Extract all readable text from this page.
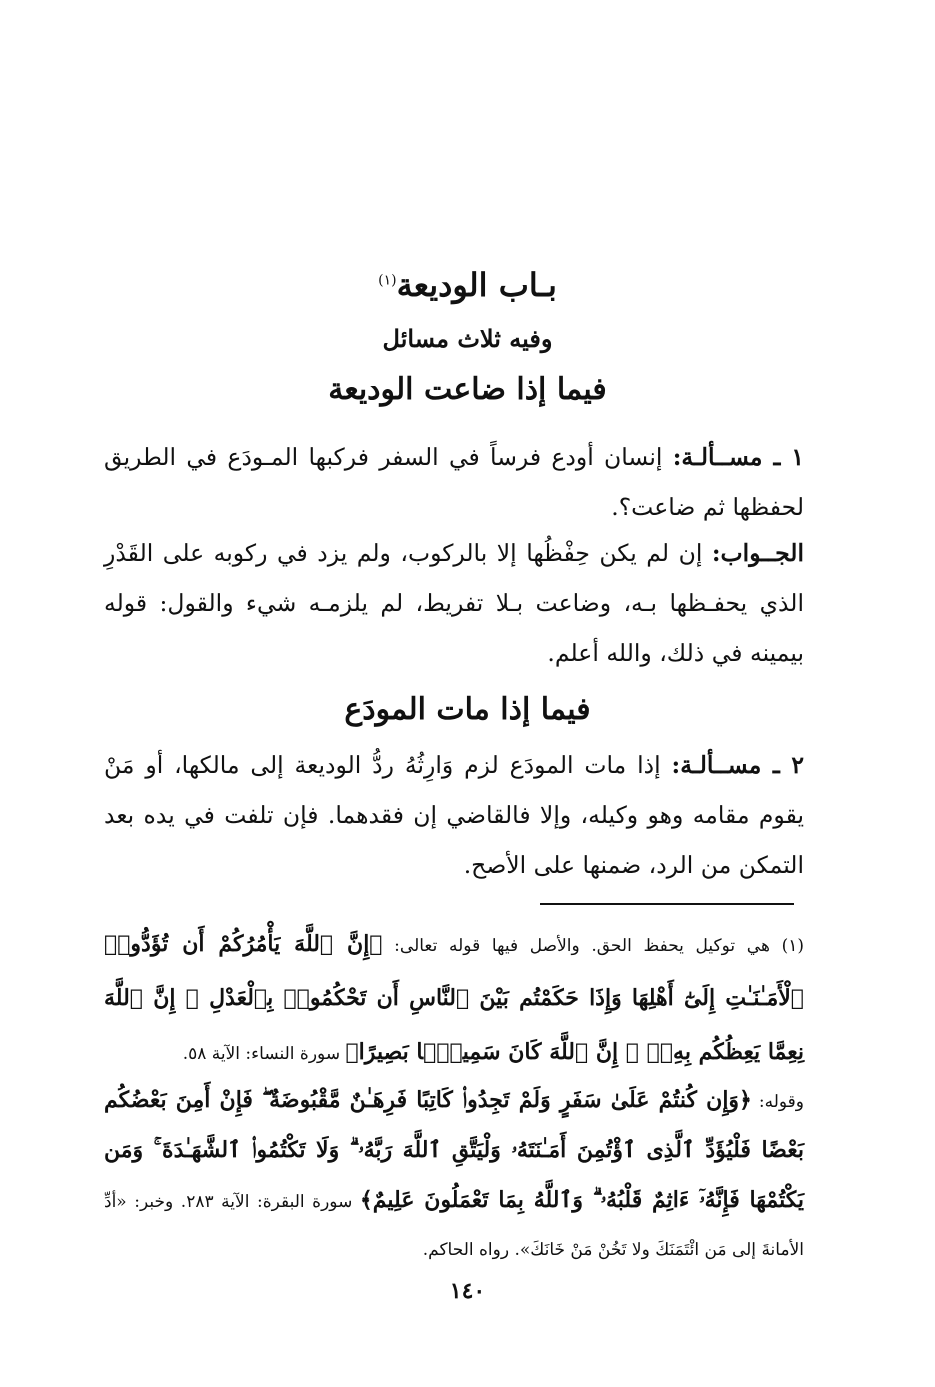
بـاب الوديعة$^{(١)}$
وفيه ثلاث مسائل
فيما إذا ضاعت الوديعة
١ ـ مســألـة: إنسان أودع فرساً في السفر فركبها المـودَع في الطريق لحفظها ثم ضاعت؟.
الجــواب: إن لم يكن حِفْظُها إلا بالركوب، ولم يزد في ركوبه على القَدْرِ الذي يحفـظها بـه، وضاعت بـلا تفريط، لم يلزمـه شيء والقول: قوله بيمينه في ذلك، والله أعلم.
فيما إذا مات المودَع
٢ ـ مســألـة: إذا مات المودَع لزم وَارِثُهُ ردُّ الوديعة إلى مالكها، أو مَنْ يقوم مقامه وهو وكيله، وإلا فالقاضي إن فقدهما. فإن تلفت في يده بعد التمكن من الرد، ضمنها على الأصح.
(١) هي توكيل يحفظ الحق. والأصل فيها قوله تعالى: ﴿إِنَّ ٱللَّهَ يَأْمُرُكُمْ أَن تُؤَدُّوا۟ ٱلْأَمَـٰنَـٰتِ إِلَىٰٓ أَهْلِهَا وَإِذَا حَكَمْتُم بَيْنَ ٱلنَّاسِ أَن تَحْكُمُوا۟ بِٱلْعَدْلِ ۚ إِنَّ ٱللَّهَ نِعِمَّا يَعِظُكُم بِهِۦٓ ۗ إِنَّ ٱللَّهَ كَانَ سَمِيعًۢا بَصِيرًا﴾ سورة النساء: الآية ٥٨.
وقوله: ﴿وَإِن كُنتُمْ عَلَىٰ سَفَرٍ وَلَمْ تَجِدُوا۟ كَاتِبًا فَرِهَـٰنٌ مَّقْبُوضَةٌ ۖ فَإِنْ أَمِنَ بَعْضُكُم بَعْضًا فَلْيُؤَدِّ ٱلَّذِى ٱؤْتُمِنَ أَمَـٰنَتَهُۥ وَلْيَتَّقِ ٱللَّهَ رَبَّهُۥ ۗ وَلَا تَكْتُمُوا۟ ٱلشَّهَـٰدَةَ ۚ وَمَن يَكْتُمْهَا فَإِنَّهُۥٓ ءَاثِمٌ قَلْبُهُۥ ۗ وَٱللَّهُ بِمَا تَعْمَلُونَ عَلِيمٌ﴾ سورة البقرة: الآية ٢٨٣. وخبر: «أدِّ الأمانةَ إلى مَن ائْتَمَنَكَ ولا تَخُنْ مَنْ خَانَكَ». رواه الحاكم.
١٤٠
